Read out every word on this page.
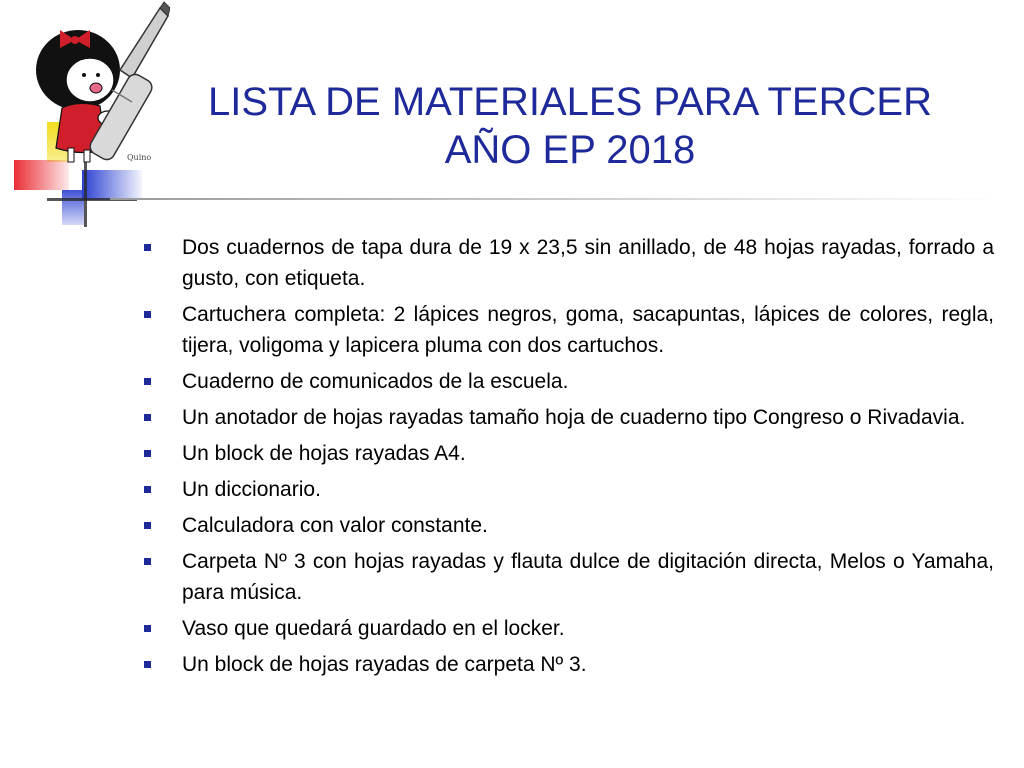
Quino
LISTA DE MATERIALES PARA TERCER
AÑO EP 2018
Dos cuadernos de tapa dura de 19 x 23,5 sin anillado, de 48 hojas rayadas, forrado a gusto, con etiqueta.
Cartuchera completa: 2 lápices negros, goma, sacapuntas, lápices de colores, regla, tijera, voligoma y lapicera pluma con dos cartuchos.
Cuaderno de comunicados de la escuela.
Un anotador de hojas rayadas tamaño hoja de cuaderno tipo Congreso o Rivadavia.
Un block de hojas rayadas A4.
Un diccionario.
Calculadora con valor constante.
Carpeta Nº 3 con hojas rayadas y flauta dulce de digitación directa, Melos o Yamaha, para música.
Vaso que quedará guardado en el locker.
Un block de hojas rayadas de carpeta Nº 3.
